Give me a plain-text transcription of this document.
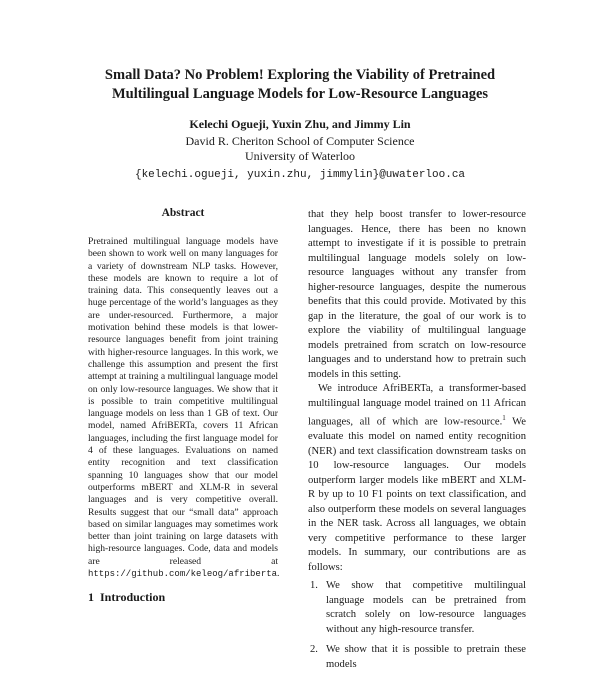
Small Data? No Problem! Exploring the Viability of Pretrained
Multilingual Language Models for Low-Resource Languages
Kelechi Ogueji, Yuxin Zhu, and Jimmy Lin
David R. Cheriton School of Computer Science
University of Waterloo
{kelechi.ogueji, yuxin.zhu, jimmylin}@uwaterloo.ca
Abstract
Pretrained multilingual language models have been shown to work well on many languages for a variety of downstream NLP tasks. However, these models are known to require a lot of training data. This consequently leaves out a huge percentage of the world’s languages as they are under-resourced. Furthermore, a major motivation behind these models is that lower-resource languages benefit from joint training with higher-resource languages. In this work, we challenge this assumption and present the first attempt at training a multilingual language model on only low-resource languages. We show that it is possible to train competitive multilingual language models on less than 1 GB of text. Our model, named AfriBERTa, covers 11 African languages, including the first language model for 4 of these languages. Evaluations on named entity recognition and text classification spanning 10 languages show that our model outperforms mBERT and XLM-R in several languages and is very competitive overall. Results suggest that our “small data” approach based on similar languages may sometimes work better than joint training on large datasets with high-resource languages. Code, data and models are released at https://github.com/keleog/afriberta.

that they help boost transfer to lower-resource languages. Hence, there has been no known attempt to investigate if it is possible to pretrain multilingual language models solely on low-resource languages without any transfer from higher-resource languages, despite the numerous benefits that this could provide. Motivated by this gap in the literature, the goal of our work is to explore the viability of multilingual language models pretrained from scratch on low-resource languages and to understand how to pretrain such models in this setting.

We introduce AfriBERTa, a transformer-based multilingual language model trained on 11 African languages, all of which are low-resource.$^1$ We evaluate this model on named entity recognition (NER) and text classification downstream tasks on 10 low-resource languages. Our models outperform larger models like mBERT and XLM-R by up to 10 F1 points on text classification, and also outperform these models on several languages in the NER task. Across all languages, we obtain very competitive performance to these larger models. In summary, our contributions are as follows:

1. We show that competitive multilingual language models can be pretrained from scratch solely on low-resource languages without any high-resource transfer.
2. We show that it is possible to pretrain these models
1 Introduction
